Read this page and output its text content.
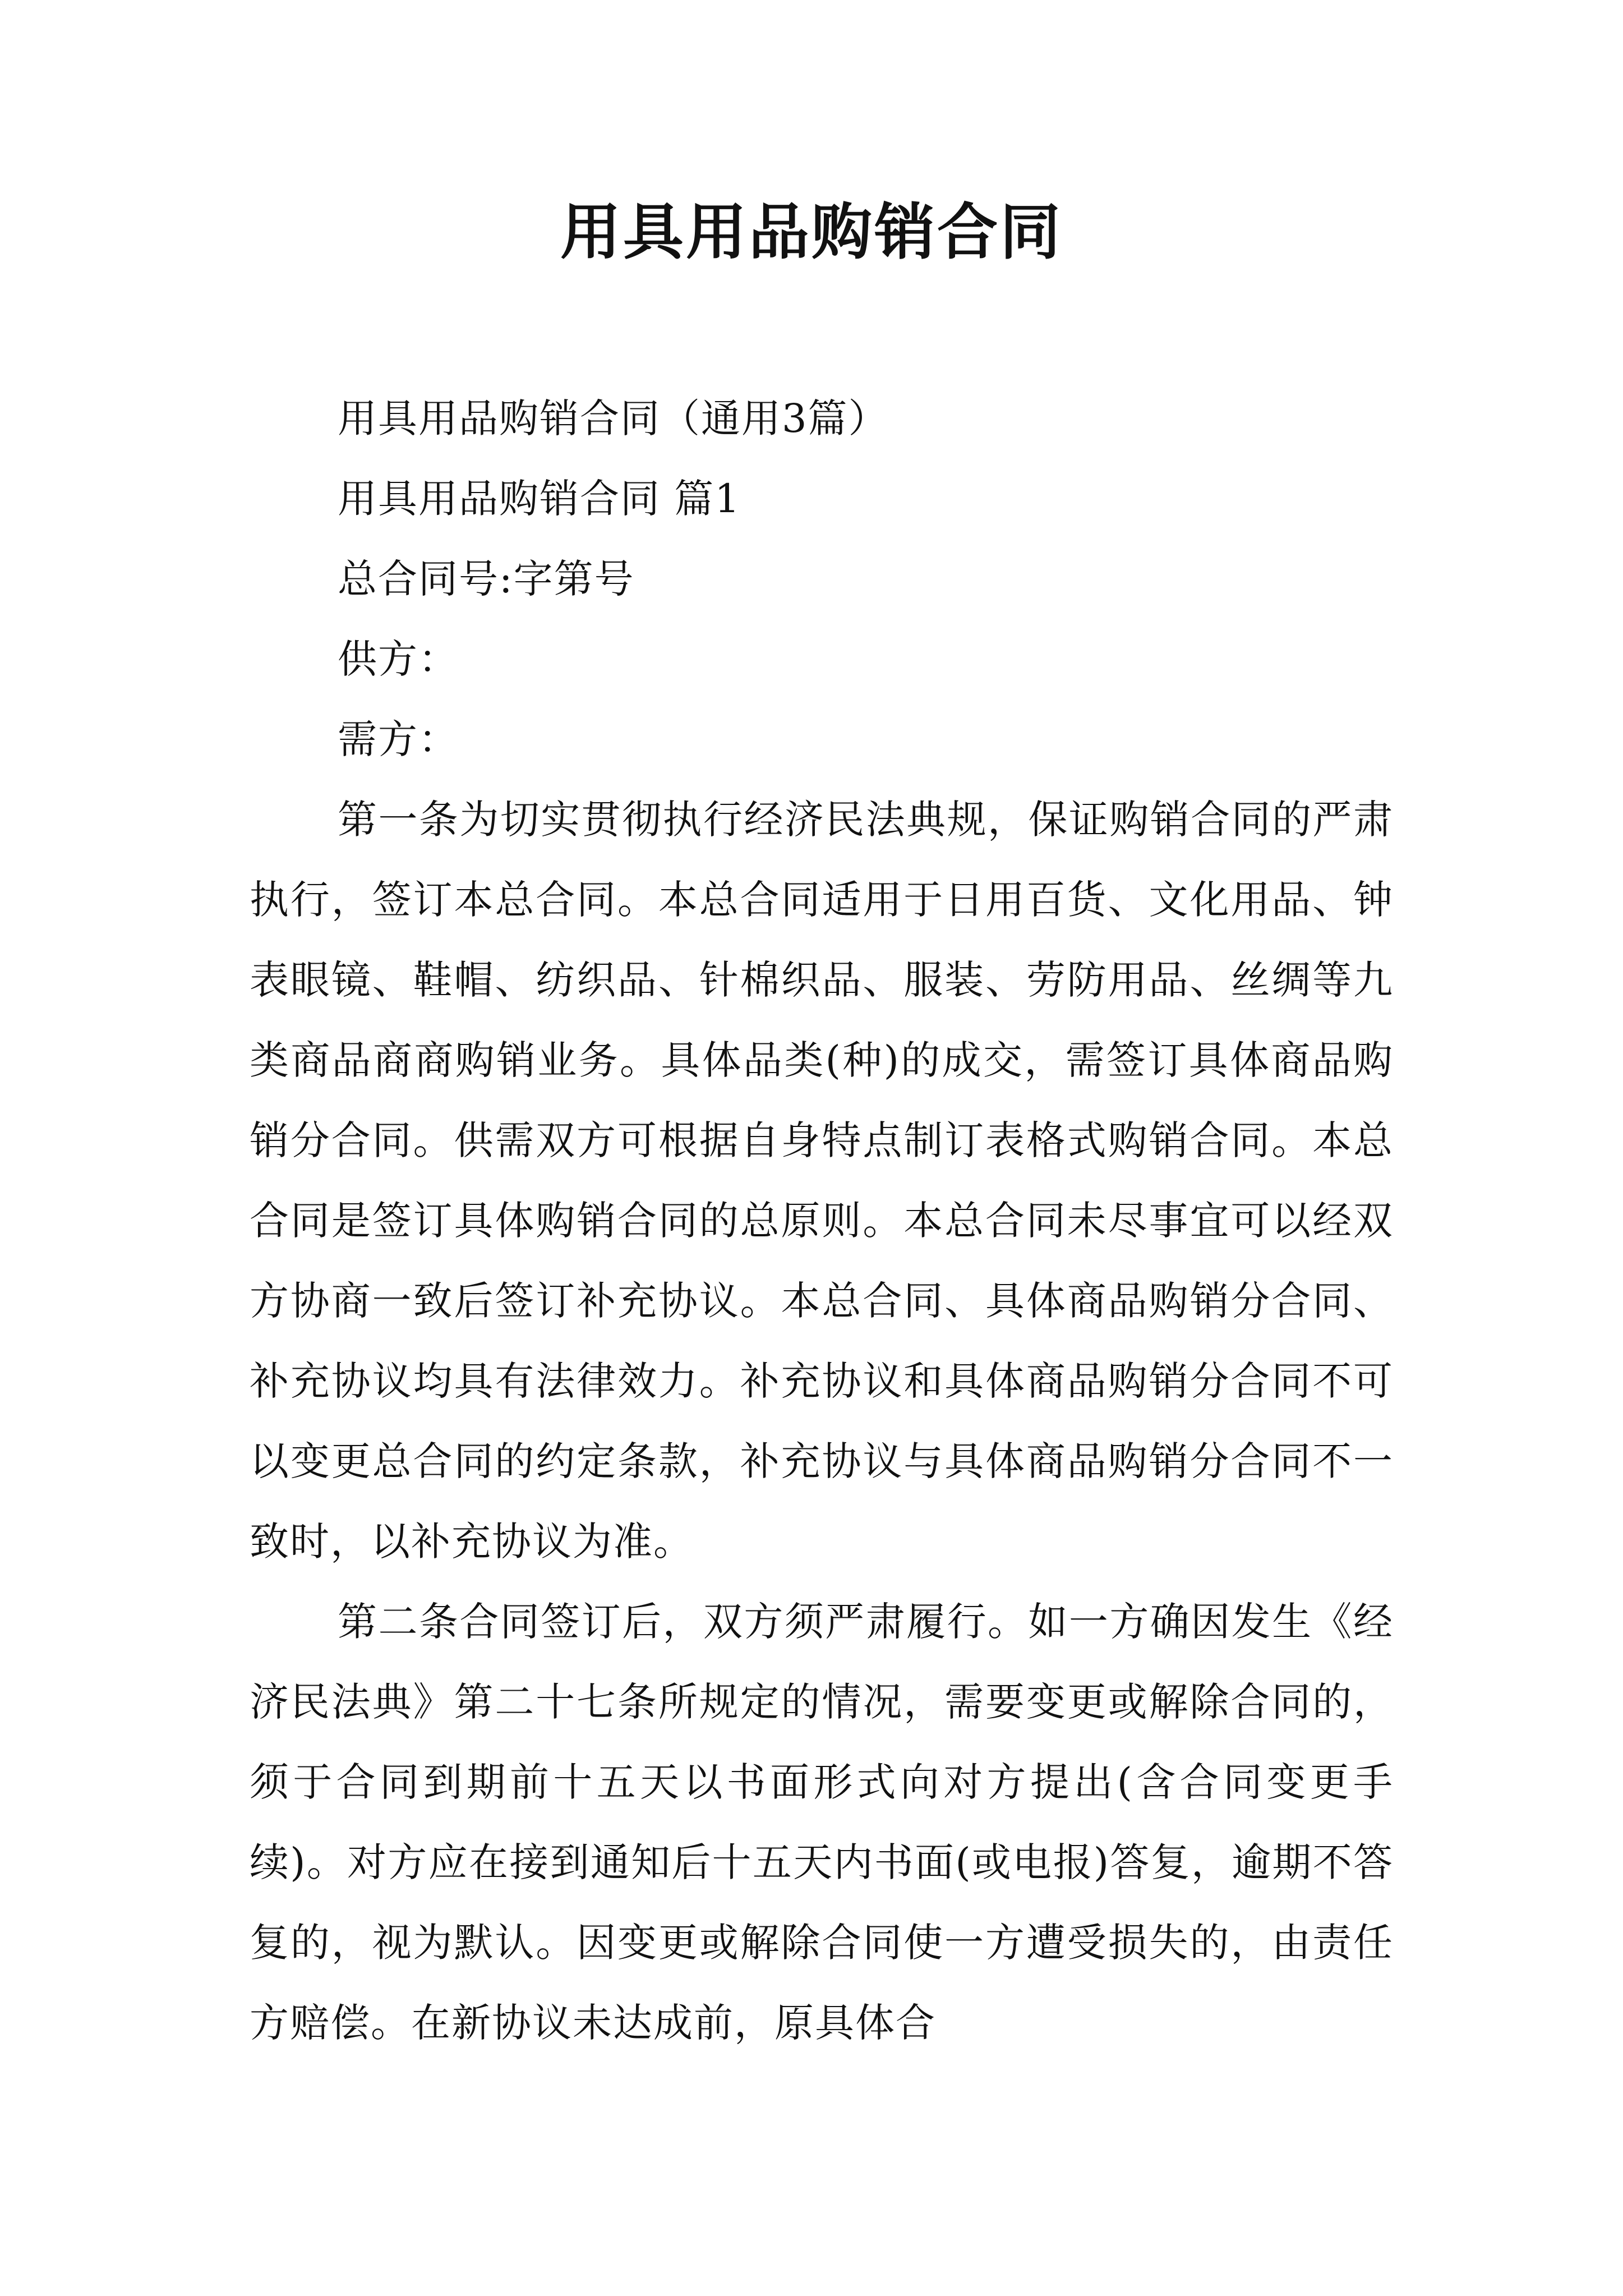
用具用品购销合同

用具用品购销合同（通用3篇）

用具用品购销合同 篇1

总合同号:字第号

供方：

需方：

第一条为切实贯彻执行经济民法典规，保证购销合同的严肃执行，签订本总合同。本总合同适用于日用百货、文化用品、钟表眼镜、鞋帽、纺织品、针棉织品、服装、劳防用品、丝绸等九类商品商商购销业务。具体品类(种)的成交，需签订具体商品购销分合同。供需双方可根据自身特点制订表格式购销合同。本总合同是签订具体购销合同的总原则。本总合同未尽事宜可以经双方协商一致后签订补充协议。本总合同、具体商品购销分合同、补充协议均具有法律效力。补充协议和具体商品购销分合同不可以变更总合同的约定条款，补充协议与具体商品购销分合同不一致时，以补充协议为准。

第二条合同签订后，双方须严肃履行。如一方确因发生《经济民法典》第二十七条所规定的情况，需要变更或解除合同的，须于合同到期前十五天以书面形式向对方提出(含合同变更手续)。对方应在接到通知后十五天内书面(或电报)答复，逾期不答复的，视为默认。因变更或解除合同使一方遭受损失的，由责任方赔偿。在新协议未达成前，原具体合
